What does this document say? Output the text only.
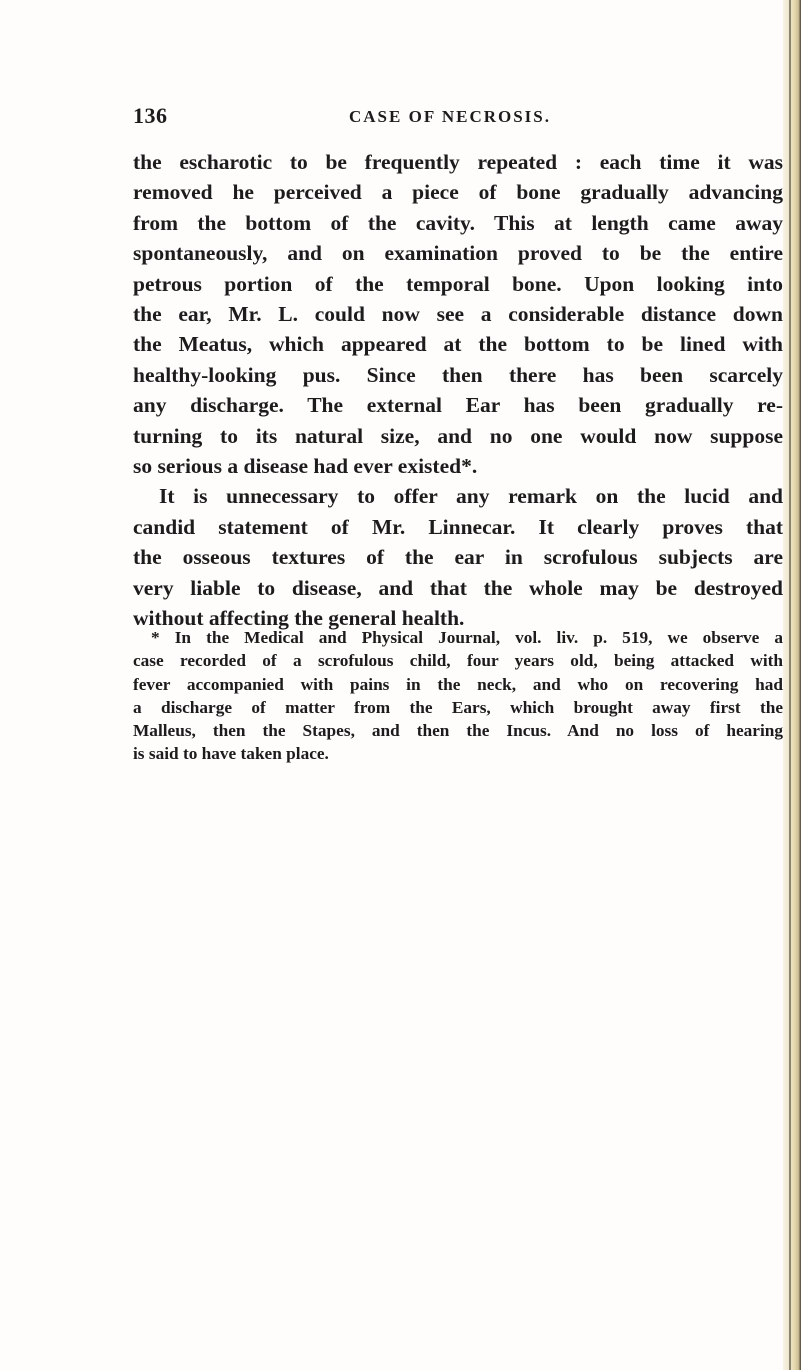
136	CASE OF NECROSIS.
the escharotic to be frequently repeated : each time it was
removed he perceived a piece of bone gradually advancing
from the bottom of the cavity. This at length came away
spontaneously, and on examination proved to be the entire
petrous portion of the temporal bone. Upon looking into
the ear, Mr. L. could now see a considerable distance down
the Meatus, which appeared at the bottom to be lined with
healthy-looking pus. Since then there has been scarcely
any discharge. The external Ear has been gradually re-
turning to its natural size, and no one would now suppose
so serious a disease had ever existed*.
It is unnecessary to offer any remark on the lucid and
candid statement of Mr. Linnecar. It clearly proves that
the osseous textures of the ear in scrofulous subjects are
very liable to disease, and that the whole may be destroyed
without affecting the general health.
* In the Medical and Physical Journal, vol. liv. p. 519, we observe a
case recorded of a scrofulous child, four years old, being attacked with
fever accompanied with pains in the neck, and who on recovering had
a discharge of matter from the Ears, which brought away first the
Malleus, then the Stapes, and then the Incus. And no loss of hearing
is said to have taken place.
